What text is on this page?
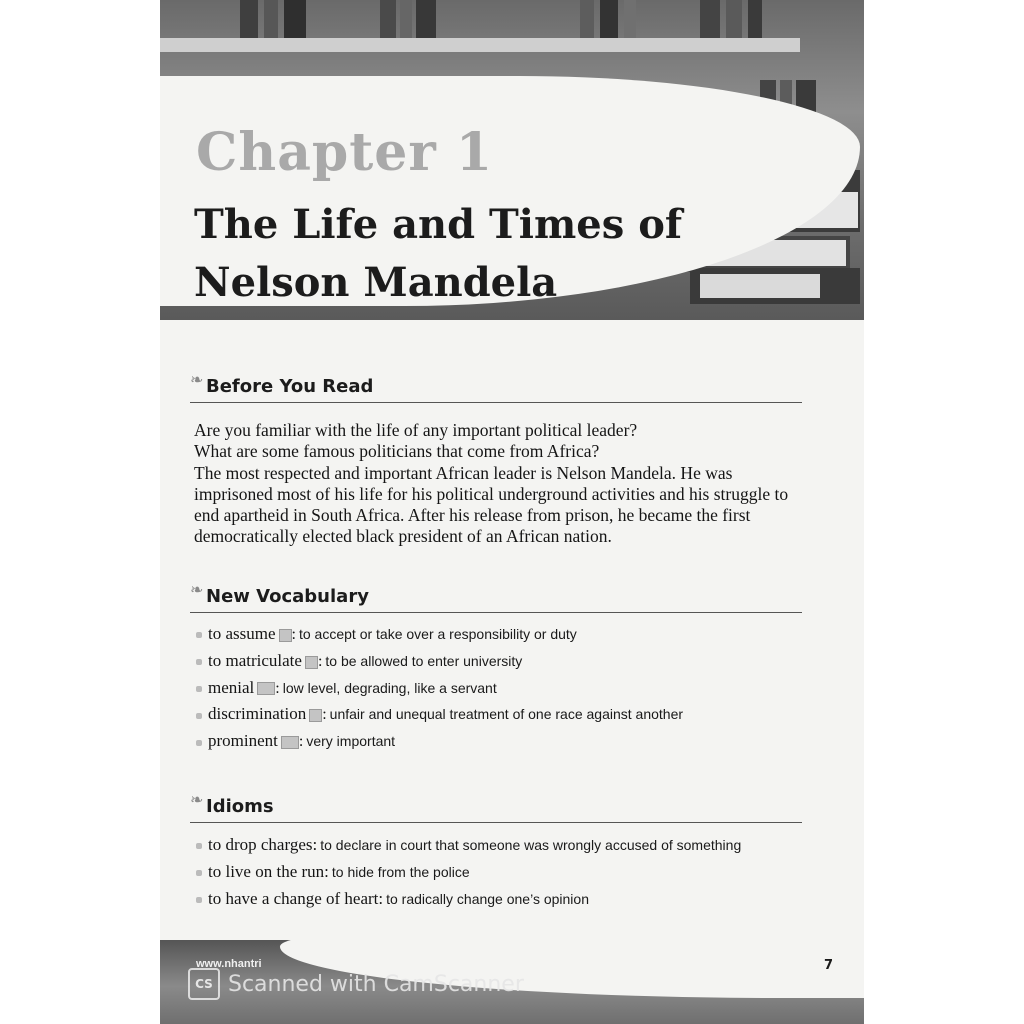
Chapter 1
The Life and Times of
Nelson Mandela
❧ Before You Read

Are you familiar with the life of any important political leader?

What are some famous politicians that come from Africa?

The most respected and important African leader is Nelson Mandela. He was imprisoned most of his life for his political underground activities and his struggle to end apartheid in South Africa. After his release from prison, he became the first democratically elected black president of an African nation.

❧ New Vocabulary
to assume : to accept or take over a responsibility or duty
to matriculate : to be allowed to enter university
menial : low level, degrading, like a servant
discrimination : unfair and unequal treatment of one race against another
prominent : very important
❧ Idioms
to drop charges: to declare in court that someone was wrongly accused of something
to live on the run: to hide from the police
to have a change of heart: to radically change one’s opinion
www.nhantri	7
CS Scanned with CamScanner
